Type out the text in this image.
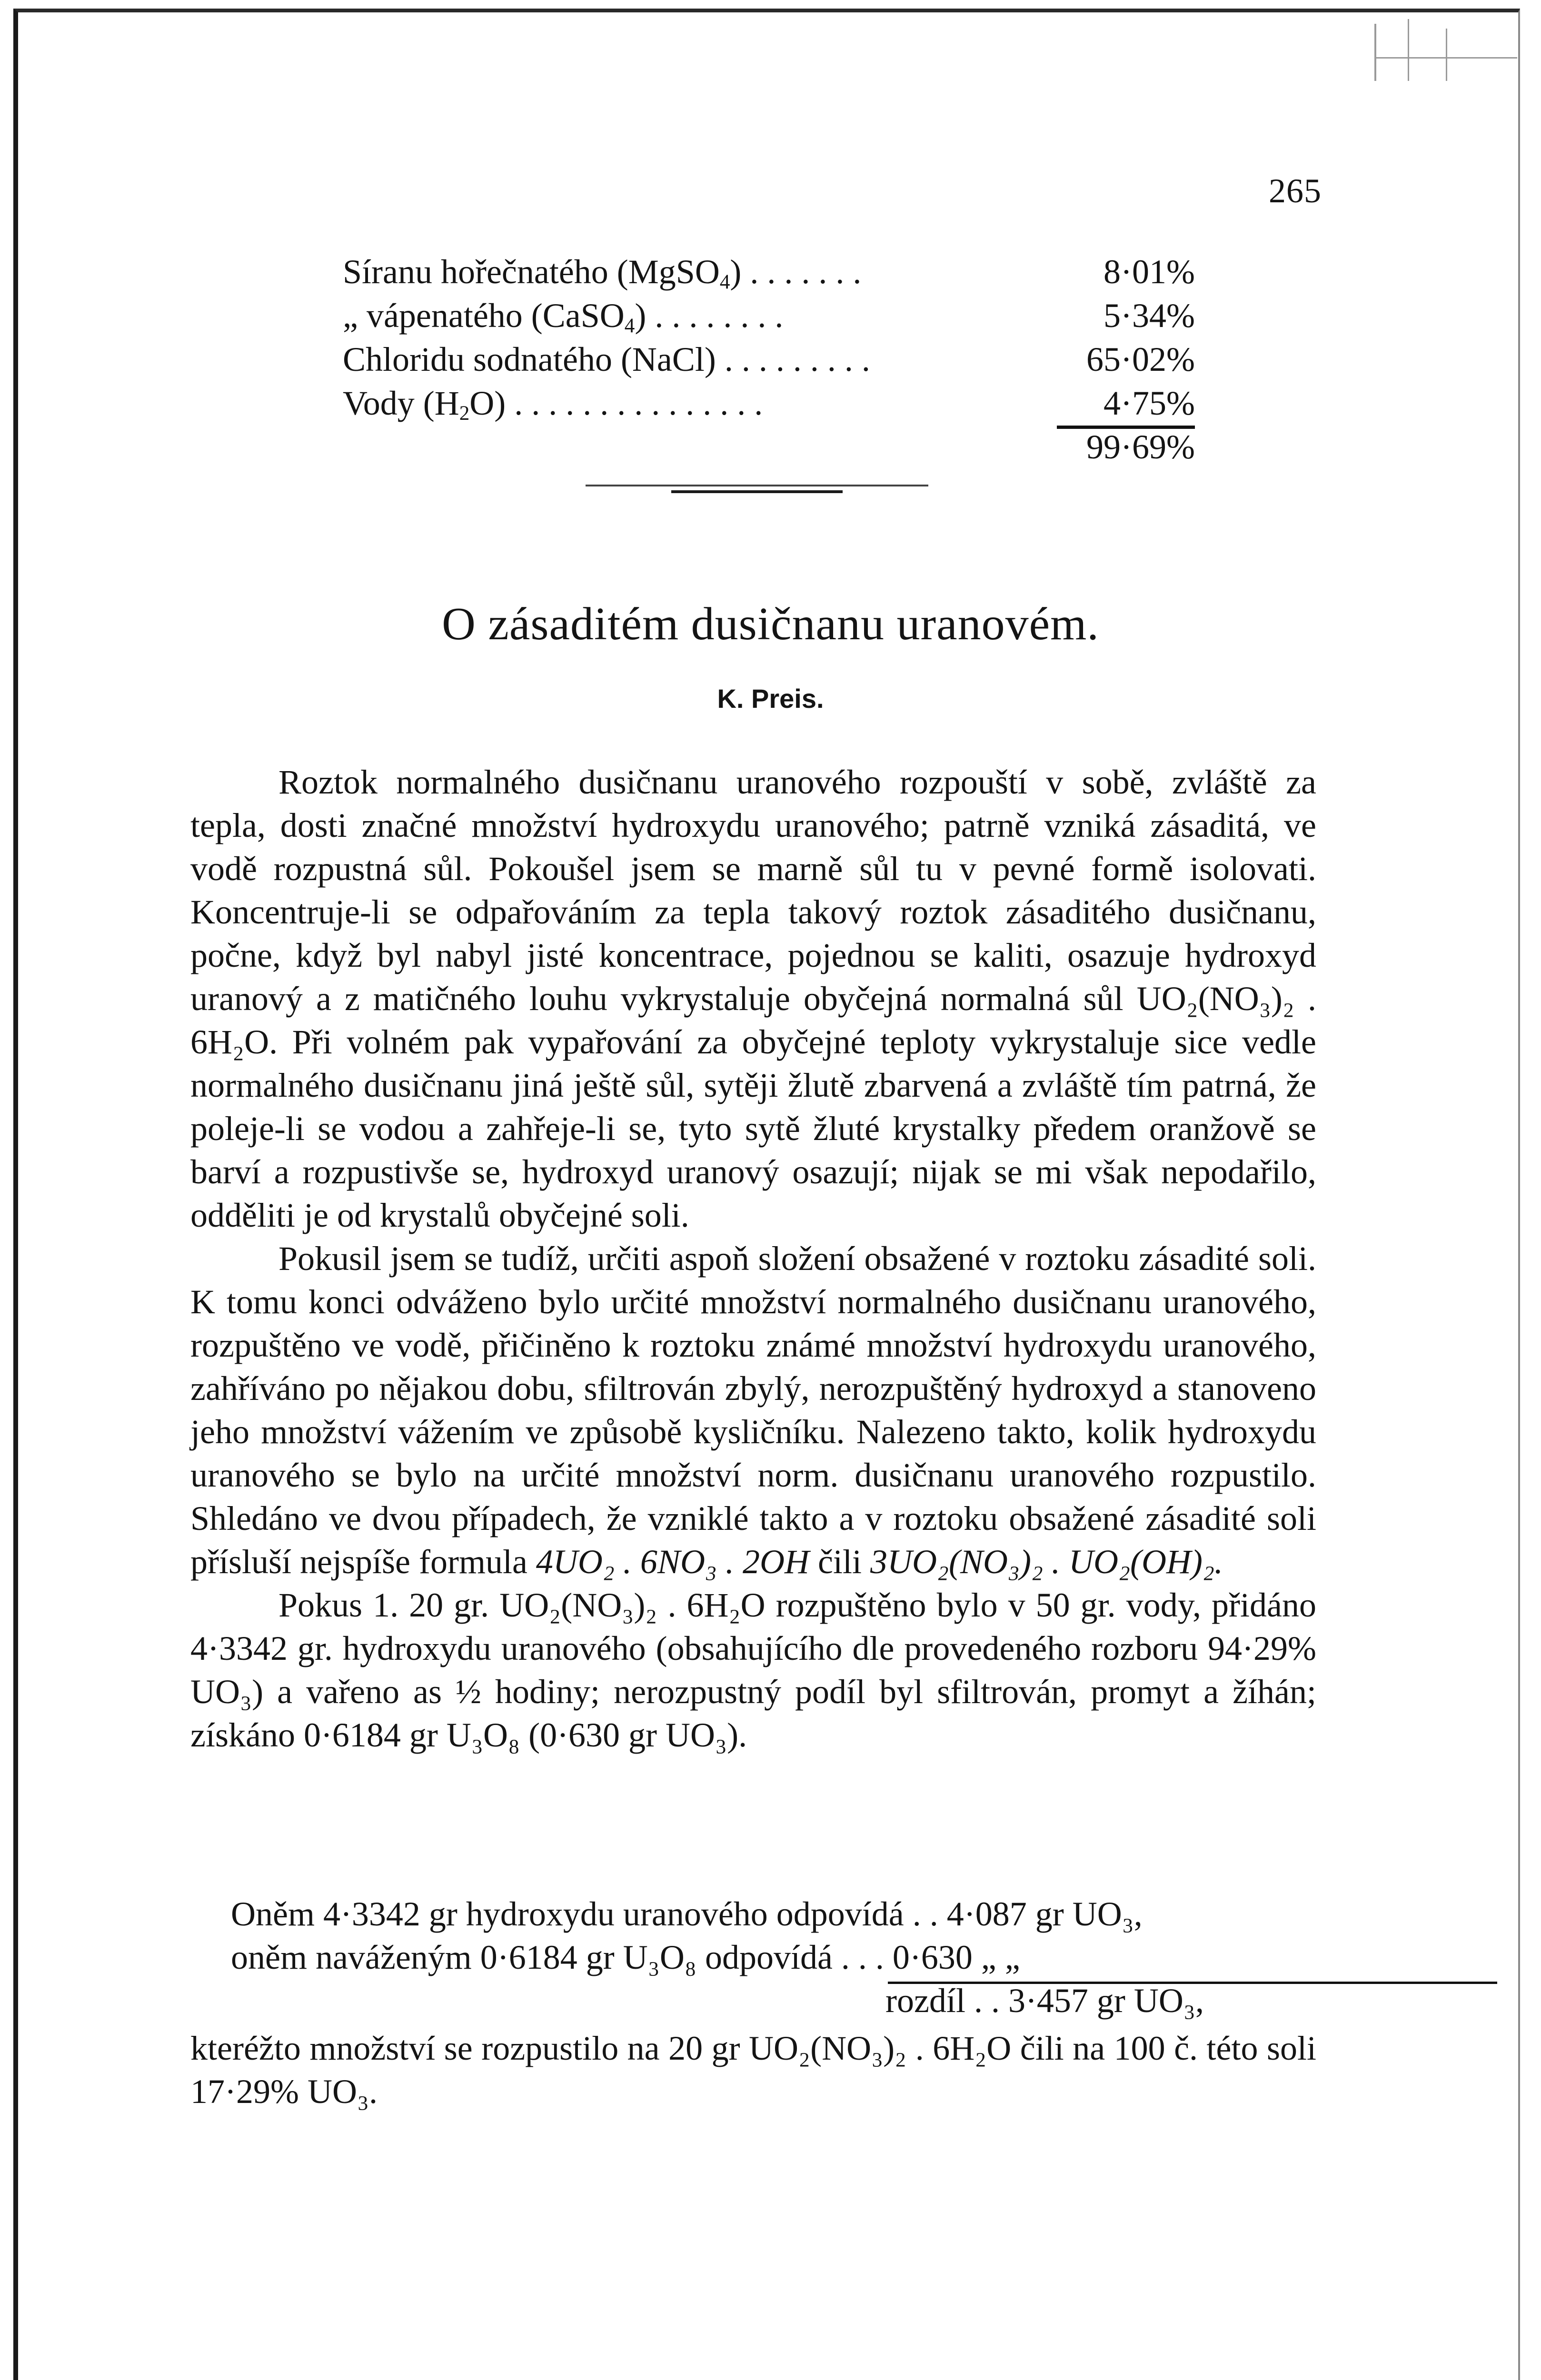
265
Síranu hořečnatého (MgSO$_4$) . . . . . . .	8·01%
„ vápenatého (CaSO$_4$) . . . . . . . .	5·34%
Chloridu sodnatého (NaCl) . . . . . . . . .	65·02%
Vody $(H_2O)$ . . . . . . . . . . . . . . .	4·75%
99·69%
O zásaditém dusičnanu uranovém.
K. Preis.

Roztok normalného dusičnanu uranového rozpouští v sobě, zvláště za tepla, dosti značné množství hydroxydu uranového; patrně vzniká zásaditá, ve vodě rozpustná sůl. Pokoušel jsem se marně sůl tu v pevné formě isolovati. Koncentruje-li se odpařováním za tepla takový roztok zásaditého dusičnanu, počne, když byl nabyl jisté koncentrace, pojednou se kaliti, osazuje hydroxyd uranový a z matičného louhu vykrystaluje obyčejná normalná sůl UO₂(NO₃)₂ . 6H₂O. Při volném pak vypařování za obyčejné teploty vykrystaluje sice vedle normalného dusičnanu jiná ještě sůl, sytěji žlutě zbarvená a zvláště tím patrná, že poleje-li se vodou a zahřeje-li se, tyto sytě žluté krystalky předem oranžově se barví a rozpustivše se, hydroxyd uranový osazují; nijak se mi však nepodařilo, odděliti je od krystalů obyčejné soli.

Pokusil jsem se tudíž, určiti aspoň složení obsažené v roztoku zásadité soli. K tomu konci odváženo bylo určité množství normalného dusičnanu uranového, rozpuštěno ve vodě, přičiněno k roztoku známé množství hydroxydu uranového, zahříváno po nějakou dobu, sfiltrován zbylý, nerozpuštěný hydroxyd a stanoveno jeho množství vážením ve způsobě kysličníku. Nalezeno takto, kolik hydroxydu uranového se bylo na určité množství norm. dusičnanu uranového rozpustilo. Shledáno ve dvou případech, že vzniklé takto a v roztoku obsažené zásadité soli přísluší nejspíše formula 4UO₂ . 6NO₃ . 2OH čili 3UO₂(NO₃)₂ . UO₂(OH)₂.

Pokus 1. 20 gr. UO₂(NO₃)₂ . 6H₂O rozpuštěno bylo v 50 gr. vody, přidáno 4·3342 gr. hydroxydu uranového (obsahujícího dle provedeného rozboru 94·29% UO₃) a vařeno as ½ hodiny; nerozpustný podíl byl sfiltrován, promyt a žíhán; získáno 0·6184 gr U₃O₈ (0·630 gr UO₃).

Oněm 4·3342 gr hydroxydu uranového odpovídá . . 4·087 gr UO₃,
oněm naváženým 0·6184 gr U₃O₈ odpovídá . . . 0·630 „ „
rozdíl . . 3·457 gr UO₃,

kteréžto množství se rozpustilo na 20 gr UO₂(NO₃)₂ . 6H₂O čili na 100 č. této soli 17·29% UO₃.
